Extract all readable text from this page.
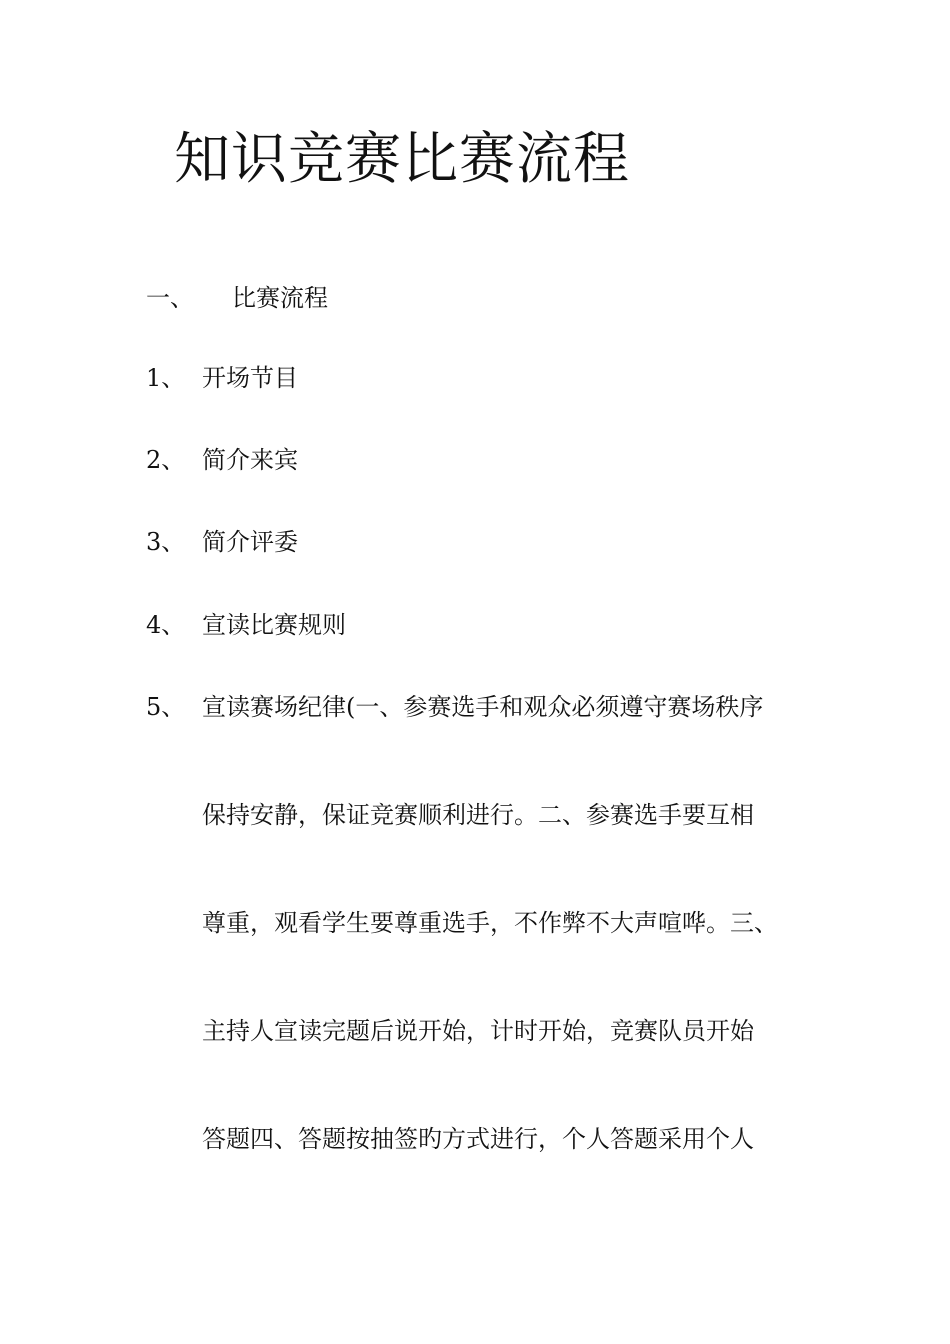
知识竞赛比赛流程
一、 比赛流程
1、 开场节目
2、 简介来宾
3、 简介评委
4、 宣读比赛规则
5、 宣读赛场纪律(一、参赛选手和观众必须遵守赛场秩序
保持安静，保证竞赛顺利进行。二、参赛选手要互相
尊重，观看学生要尊重选手，不作弊不大声喧哗。三、
主持人宣读完题后说开始，计时开始，竞赛队员开始
答题四、答题按抽签旳方式进行，个人答题采用个人
